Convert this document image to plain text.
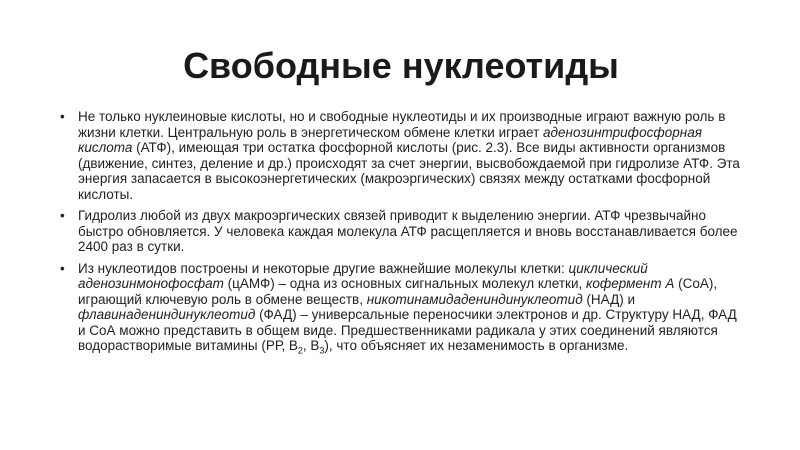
Свободные нуклеотиды
• Не только нуклеиновые кислоты, но и свободные нуклеотиды и их производные играют важную роль в жизни клетки. Центральную роль в энергетическом обмене клетки играет аденозинтрифосфорная кислота (АТФ), имеющая три остатка фосфорной кислоты (рис. 2.3). Все виды активности организмов (движение, синтез, деление и др.) происходят за счет энергии, высвобождаемой при гидролизе АТФ. Эта энергия запасается в высокоэнергетических (макроэргических) связях между остатками фосфорной кислоты.
• Гидролиз любой из двух макроэргических связей приводит к выделению энергии. АТФ чрезвычайно быстро обновляется. У человека каждая молекула АТФ расщепляется и вновь восстанавливается более 2400 раз в сутки.
• Из нуклеотидов построены и некоторые другие важнейшие молекулы клетки: циклический аденозинмонофосфат (цАМФ) – одна из основных сигнальных молекул клетки, кофермент А (СоА), играющий ключевую роль в обмене веществ, никотинамидадениндинуклеотид (НАД) и флавинадениндинуклеотид (ФАД) – универсальные переносчики электронов и др. Структуру НАД, ФАД и СоА можно представить в общем виде. Предшественниками радикала у этих соединений являются водорастворимые витамины (РР, $В_2$, $В_3$), что объясняет их незаменимость в организме.
